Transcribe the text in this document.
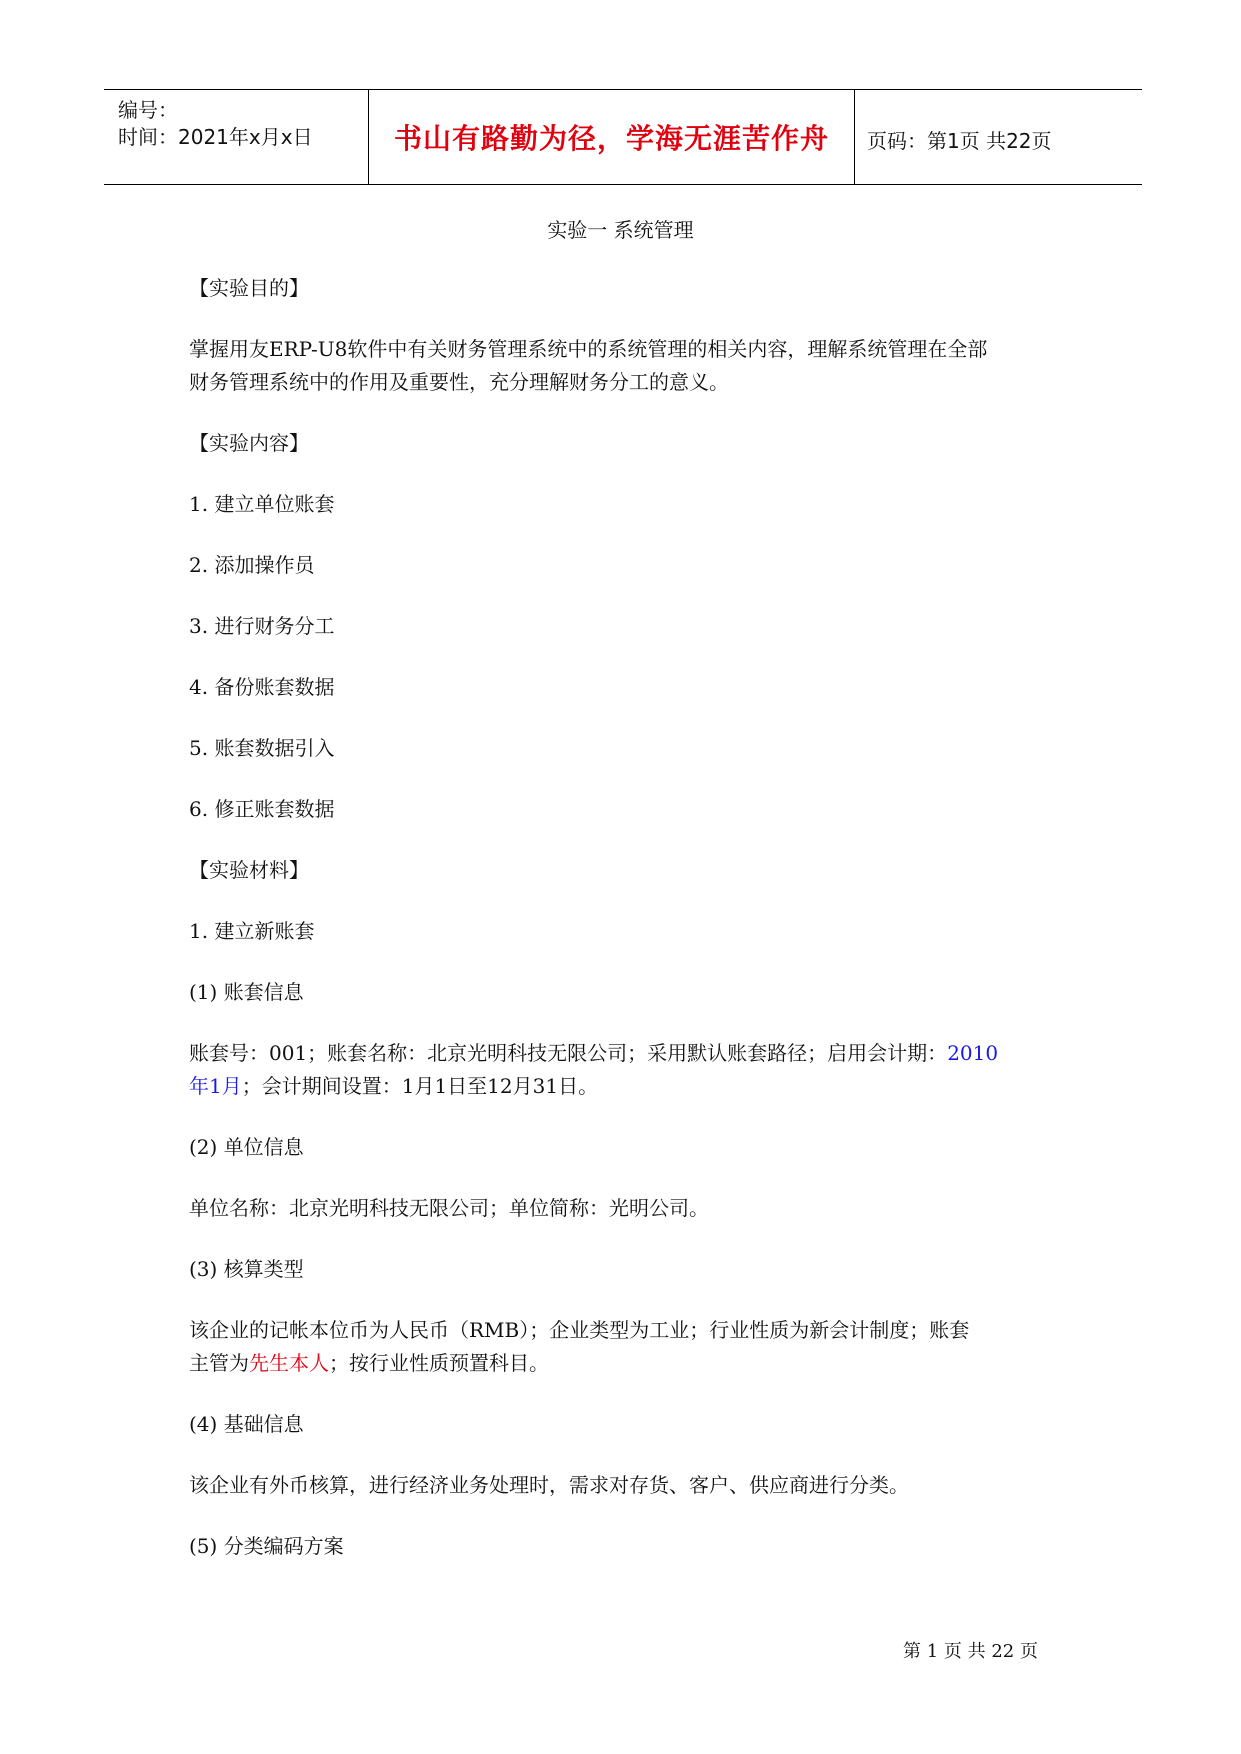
编号：
时间：2021年x月x日	书山有路勤为径，学海无涯苦作舟	页码：第1页 共22页
实验一 系统管理
【实验目的】
掌握用友ERP-U8软件中有关财务管理系统中的系统管理的相关内容，理解系统管理在全部
财务管理系统中的作用及重要性，充分理解财务分工的意义。
【实验内容】
1. 建立单位账套
2. 添加操作员
3. 进行财务分工
4. 备份账套数据
5. 账套数据引入
6. 修正账套数据
【实验材料】
1. 建立新账套
(1) 账套信息
账套号：001；账套名称：北京光明科技无限公司；采用默认账套路径；启用会计期：2010
年1月；会计期间设置：1月1日至12月31日。
(2) 单位信息
单位名称：北京光明科技无限公司；单位简称：光明公司。
(3) 核算类型
该企业的记帐本位币为人民币（RMB）；企业类型为工业；行业性质为新会计制度；账套
主管为先生本人；按行业性质预置科目。
(4) 基础信息
该企业有外币核算，进行经济业务处理时，需求对存货、客户、供应商进行分类。
(5) 分类编码方案
第 1 页 共 22 页
